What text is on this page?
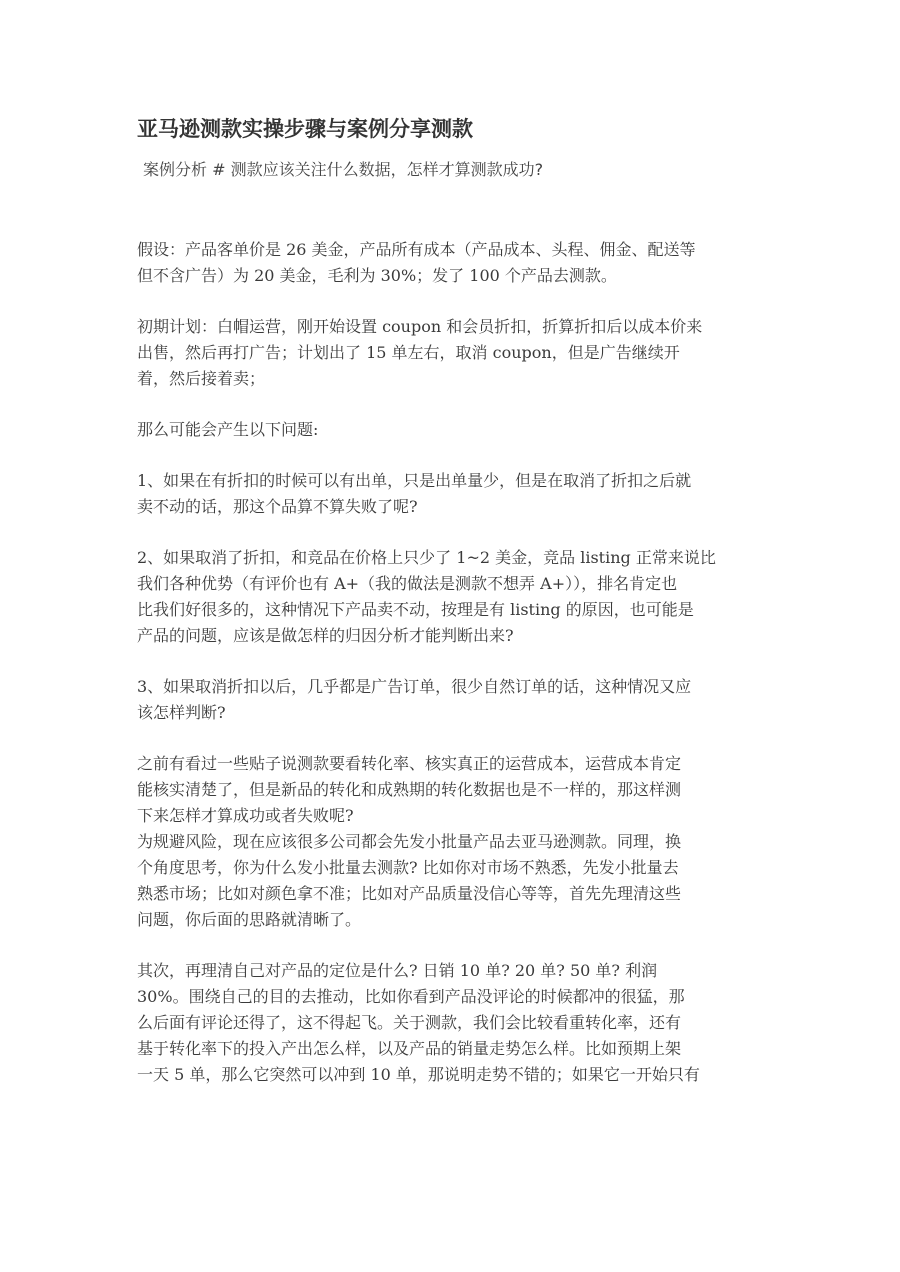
亚马逊测款实操步骤与案例分享测款
案例分析 # 测款应该关注什么数据，怎样才算测款成功?

假设：产品客单价是 26 美金，产品所有成本（产品成本、头程、佣金、配送等
但不含广告）为 20 美金，毛利为 30%；发了 100 个产品去测款。

初期计划：白帽运营，刚开始设置 coupon 和会员折扣，折算折扣后以成本价来
出售，然后再打广告；计划出了 15 单左右，取消 coupon，但是广告继续开
着，然后接着卖；

那么可能会产生以下问题:

1、如果在有折扣的时候可以有出单，只是出单量少，但是在取消了折扣之后就
卖不动的话，那这个品算不算失败了呢?

2、如果取消了折扣，和竞品在价格上只少了 1~2 美金，竞品 listing 正常来说比
我们各种优势（有评价也有 A+（我的做法是测款不想弄 A+）），排名肯定也
比我们好很多的，这种情况下产品卖不动，按理是有 listing 的原因，也可能是
产品的问题，应该是做怎样的归因分析才能判断出来?

3、如果取消折扣以后，几乎都是广告订单，很少自然订单的话，这种情况又应
该怎样判断?

之前有看过一些贴子说测款要看转化率、核实真正的运营成本，运营成本肯定
能核实清楚了，但是新品的转化和成熟期的转化数据也是不一样的，那这样测
下来怎样才算成功或者失败呢?

为规避风险，现在应该很多公司都会先发小批量产品去亚马逊测款。同理，换
个角度思考，你为什么发小批量去测款? 比如你对市场不熟悉，先发小批量去
熟悉市场；比如对颜色拿不准；比如对产品质量没信心等等，首先先理清这些
问题，你后面的思路就清晰了。

其次，再理清自己对产品的定位是什么? 日销 10 单? 20 单? 50 单? 利润
30%。围绕自己的目的去推动，比如你看到产品没评论的时候都冲的很猛，那
么后面有评论还得了，这不得起飞。关于测款，我们会比较看重转化率，还有
基于转化率下的投入产出怎么样，以及产品的销量走势怎么样。比如预期上架
一天 5 单，那么它突然可以冲到 10 单，那说明走势不错的；如果它一开始只有
